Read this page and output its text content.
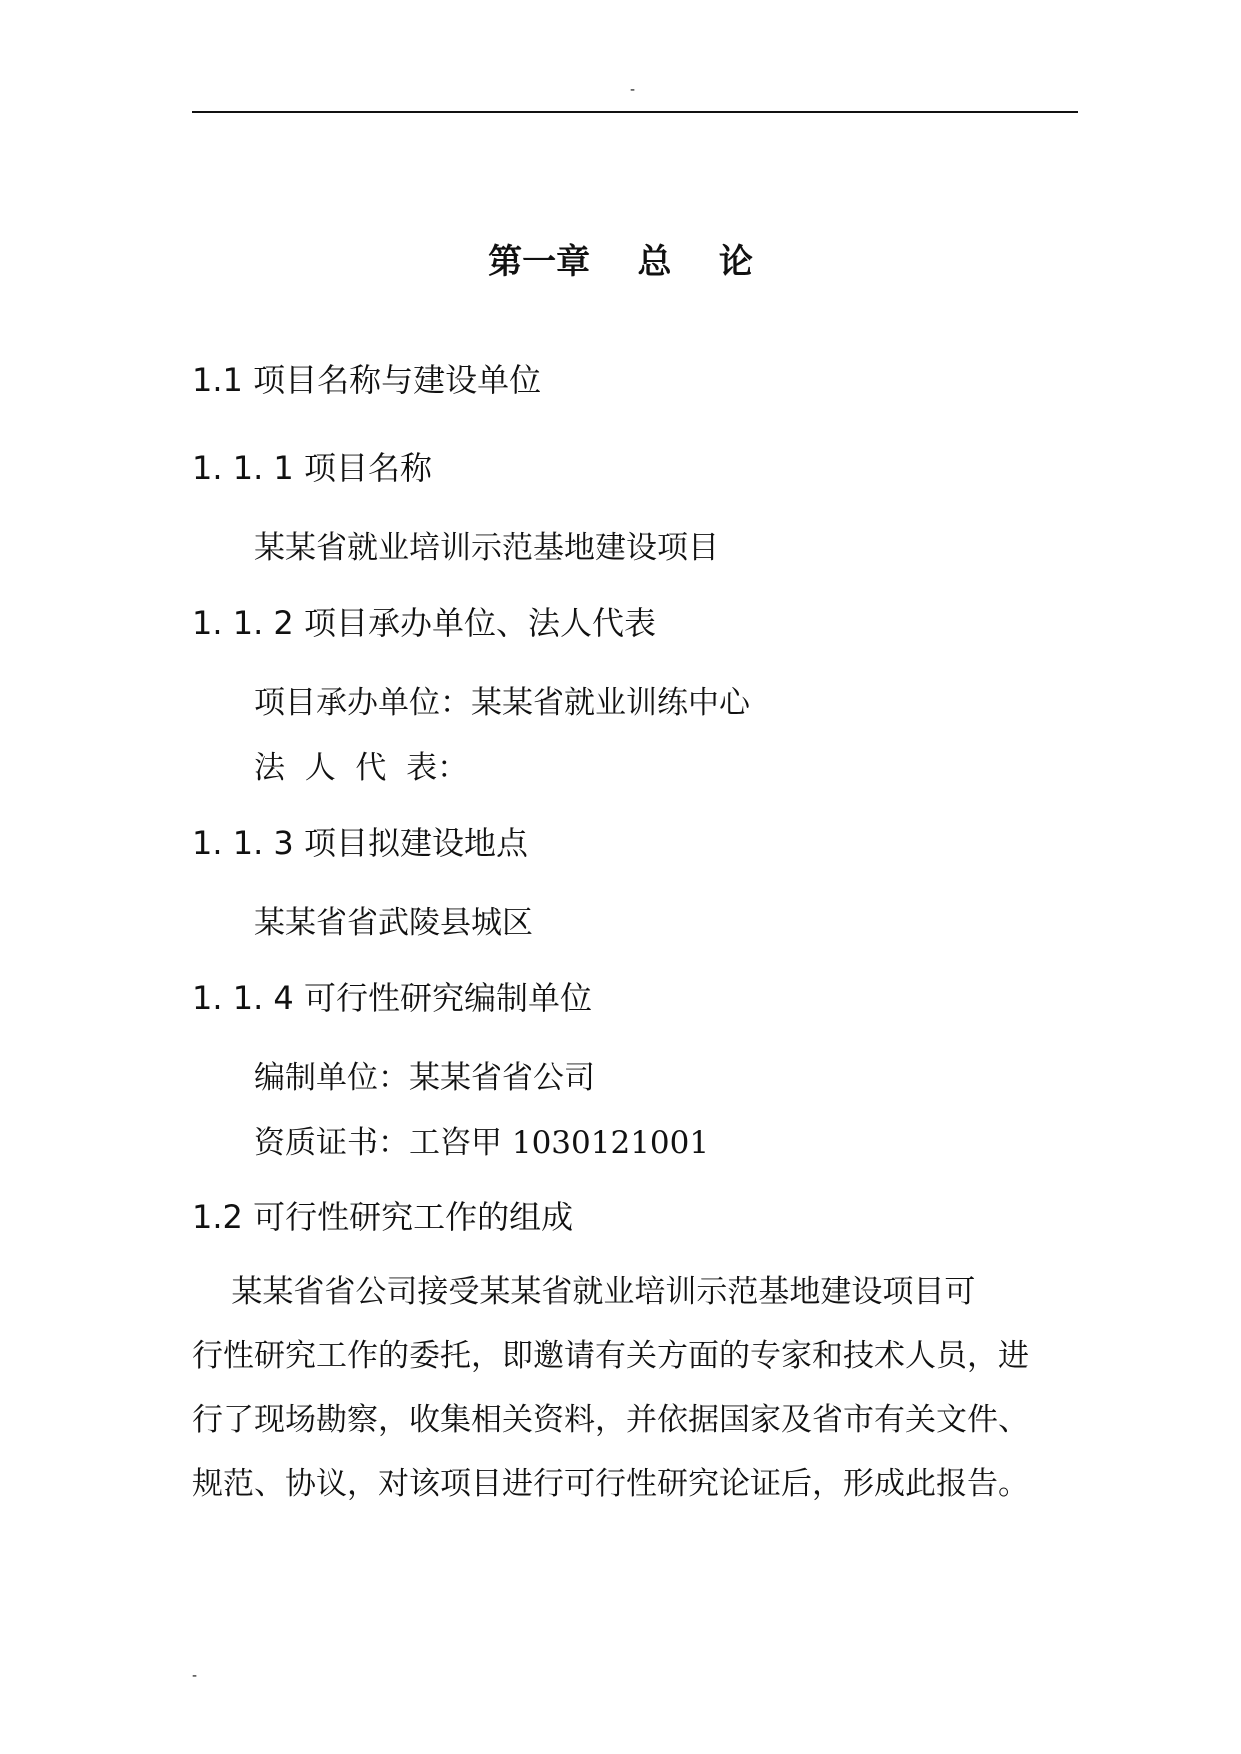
-
第一章    总    论
1.1 项目名称与建设单位
1. 1. 1 项目名称
某某省就业培训示范基地建设项目
1. 1. 2 项目承办单位、法人代表
项目承办单位：某某省就业训练中心
法  人  代  表：
1. 1. 3 项目拟建设地点
某某省省武陵县城区
1. 1. 4 可行性研究编制单位
编制单位：某某省省公司
资质证书：工咨甲 1030121001
1.2 可行性研究工作的组成
某某省省公司接受某某省就业培训示范基地建设项目可
行性研究工作的委托，即邀请有关方面的专家和技术人员，进
行了现场勘察，收集相关资料，并依据国家及省市有关文件、
规范、协议，对该项目进行可行性研究论证后，形成此报告。
-
